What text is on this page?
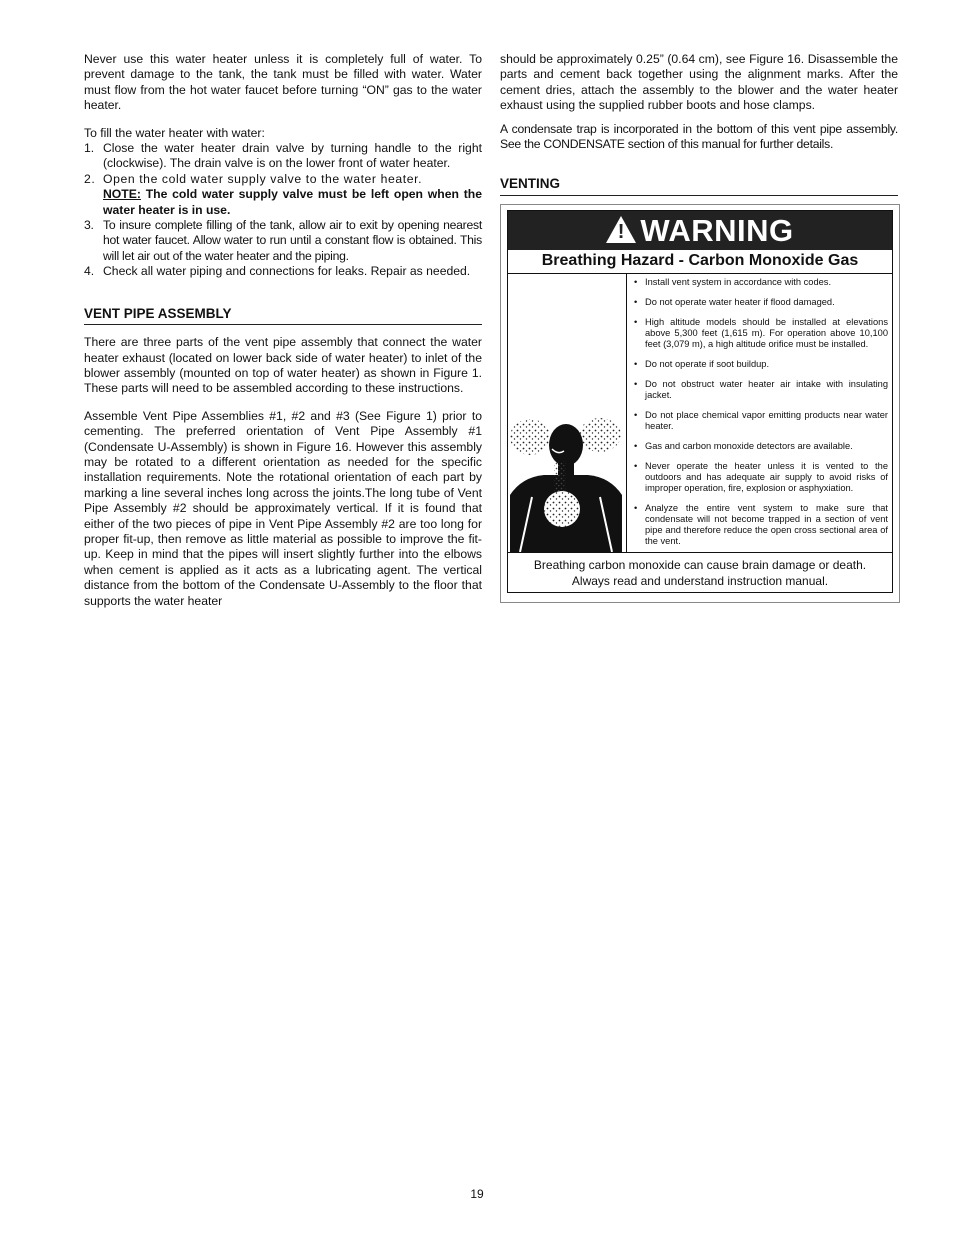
Never use this water heater unless it is completely full of water. To prevent damage to the tank, the tank must be filled with water. Water must flow from the hot water faucet before turning “ON” gas to the water heater.

To fill the water heater with water:

1. Close the water heater drain valve by turning handle to the right (clockwise). The drain valve is on the lower front of water heater.
2. Open the cold water supply valve to the water heater.
NOTE: The cold water supply valve must be left open when the water heater is in use.
3. To insure complete filling of the tank, allow air to exit by opening nearest hot water faucet. Allow water to run until a constant flow is obtained. This will let air out of the water heater and the piping.
4. Check all water piping and connections for leaks. Repair as needed.
VENT PIPE ASSEMBLY

There are three parts of the vent pipe assembly that connect the water heater exhaust (located on lower back side of water heater) to inlet of the blower assembly (mounted on top of water heater) as shown in Figure 1. These parts will need to be assembled according to these instructions.

Assemble Vent Pipe Assemblies #1, #2 and #3 (See Figure 1) prior to cementing. The preferred orientation of Vent Pipe Assembly #1 (Condensate U-Assembly) is shown in Figure 16. However this assembly may be rotated to a different orientation as needed for the specific installation requirements. Note the rotational orientation of each part by marking a line several inches long across the joints.The long tube of Vent Pipe Assembly #2 should be approximately vertical. If it is found that either of the two pieces of pipe in Vent Pipe Assembly #2 are too long for proper fit-up, then remove as little material as possible to improve the fit-up. Keep in mind that the pipes will insert slightly further into the elbows when cement is applied as it acts as a lubricating agent. The vertical distance from the bottom of the Condensate U-Assembly to the floor that supports the water heater

should be approximately 0.25” (0.64 cm), see Figure 16. Disassemble the parts and cement back together using the alignment marks. After the cement dries, attach the assembly to the blower and the water heater exhaust using the supplied rubber boots and hose clamps.

A condensate trap is incorporated in the bottom of this vent pipe assembly. See the CONDENSATE section of this manual for further details.

VENTING
! WARNING
Breathing Hazard - Carbon Monoxide Gas
• Install vent system in accordance with codes.
• Do not operate water heater if flood damaged.
• High altitude models should be installed at elevations above 5,300 feet (1,615 m). For operation above 10,100 feet (3,079 m), a high altitude orifice must be installed.
• Do not operate if soot buildup.
• Do not obstruct water heater air intake with insulating jacket.
• Do not place chemical vapor emitting products near water heater.
• Gas and carbon monoxide detectors are available.
• Never operate the heater unless it is vented to the outdoors and has adequate air supply to avoid risks of improper operation, fire, explosion or asphyxiation.
• Analyze the entire vent system to make sure that condensate will not become trapped in a section of vent pipe and therefore reduce the open cross sectional area of the vent.
Breathing carbon monoxide can cause brain damage or death.
Always read and understand instruction manual.
19
